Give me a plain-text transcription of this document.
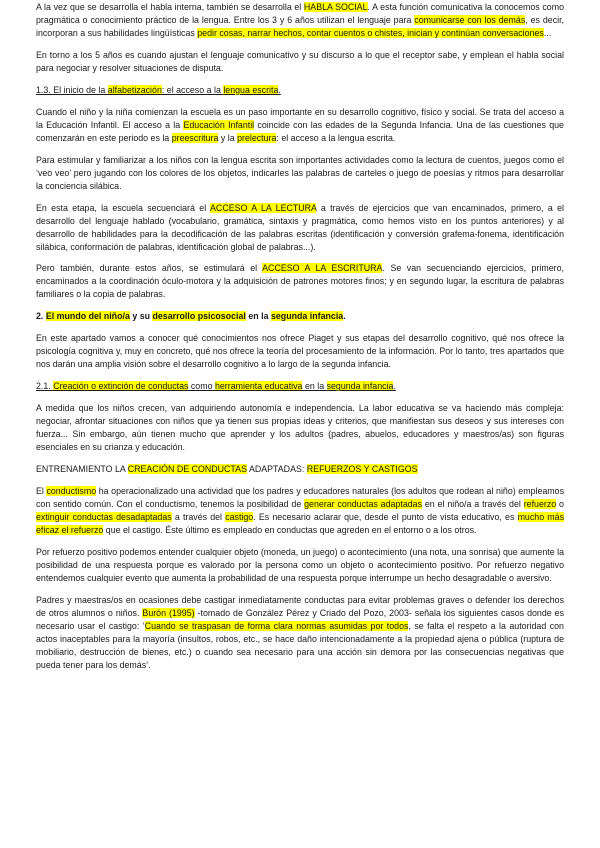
A la vez que se desarrolla el habla interna, también se desarrolla el HABLA SOCIAL. A esta función comunicativa la conocemos como pragmática o conocimiento práctico de la lengua. Entre los 3 y 6 años utilizan el lenguaje para comunicarse con los demás, es decir, incorporan a sus habilidades lingüísticas pedir cosas, narrar hechos, contar cuentos o chistes, inician y continúan conversaciones...

En torno a los 5 años es cuando ajustan el lenguaje comunicativo y su discurso a lo que el receptor sabe, y emplean el habla social para negociar y resolver situaciones de disputa.

1.3. El inicio de la alfabetización: el acceso a la lengua escrita.

Cuando el niño y la niña comienzan la escuela es un paso importante en su desarrollo cognitivo, físico y social. Se trata del acceso a la Educación Infantil. El acceso a la Educación Infantil coincide con las edades de la Segunda Infancia. Una de las cuestiones que comenzarán en este periodo es la preescritura y la prelectura: el acceso a la lengua escrita.

Para estimular y familiarizar a los niños con la lengua escrita son importantes actividades como la lectura de cuentos, juegos como el ‘veo veo’ pero jugando con los colores de los objetos, indicarles las palabras de carteles o juego de poesías y ritmos para desarrollar la conciencia silábica.

En esta etapa, la escuela secuenciará el ACCESO A LA LECTURA a través de ejercicios que van encaminados, primero, a el desarrollo del lenguaje hablado (vocabulario, gramática, sintaxis y pragmática, como hemos visto en los puntos anteriores) y al desarrollo de habilidades para la decodificación de las palabras escritas (identificación y conversión grafema-fonema, identificación silábica, conformación de palabras, identificación global de palabras...).

Pero también, durante estos años, se estimulará el ACCESO A LA ESCRITURA. Se van secuenciando ejercicios, primero, encaminados a la coordinación óculo-motora y la adquisición de patrones motores finos; y en segundo lugar, la escritura de palabras familiares o la copia de palabras.

2. El mundo del niño/a y su desarrollo psicosocial en la segunda infancia.

En este apartado vamos a conocer qué conocimientos nos ofrece Piaget y sus etapas del desarrollo cognitivo, qué nos ofrece la psicología cognitiva y, muy en concreto, qué nos ofrece la teoría del procesamiento de la información. Por lo tanto, tres apartados que nos darán una amplia visión sobre el desarrollo cognitivo a lo largo de la segunda infancia.

2.1. Creación o extinción de conductas como herramienta educativa en la segunda infancia.

A medida que los niños crecen, van adquiriendo autonomía e independencia. La labor educativa se va haciendo más compleja: negociar, afrontar situaciones con niños que ya tienen sus propias ideas y criterios, que manifiestan sus deseos y sus intereses con fuerza... Sin embargo, aún tienen mucho que aprender y los adultos (padres, abuelos, educadores y maestros/as) son figuras esenciales en su crianza y educación.

ENTRENAMIENTO LA CREACIÓN DE CONDUCTAS ADAPTADAS: REFUERZOS Y CASTIGOS

El conductismo ha operacionalizado una actividad que los padres y educadores naturales (los adultos que rodean al niño) empleamos con sentido común. Con el conductismo, tenemos la posibilidad de generar conductas adaptadas en el niño/a a través del refuerzo o extinguir conductas desadaptadas a través del castigo. Es necesario aclarar que, desde el punto de vista educativo, es mucho más eficaz el refuerzo que el castigo. Éste último es empleado en conductas que agreden en el entorno o a los otros.

Por refuerzo positivo podemos entender cualquier objeto (moneda, un juego) o acontecimiento (una nota, una sonrisa) que aumente la posibilidad de una respuesta porque es valorado por la persona como un objeto o acontecimiento positivo. Por refuerzo negativo entendemos cualquier evento que aumenta la probabilidad de una respuesta porque interrumpe un hecho desagradable o aversivo.

Padres y maestras/os en ocasiones debe castigar inmediatamente conductas para evitar problemas graves o defender los derechos de otros alumnos o niños. Burón (1995) -tomado de González Pérez y Criado del Pozo, 2003- señala los siguientes casos donde es necesario usar el castigo: ‘Cuando se traspasan de forma clara normas asumidas por todos, se falta el respeto a la autoridad con actos inaceptables para la mayoría (insultos, robos, etc., se hace daño intencionadamente a la propiedad ajena o pública (ruptura de mobiliario, destrucción de bienes, etc.) o cuando sea necesario para una acción sin demora por las consecuencias negativas que pueda tener para los demás’.
